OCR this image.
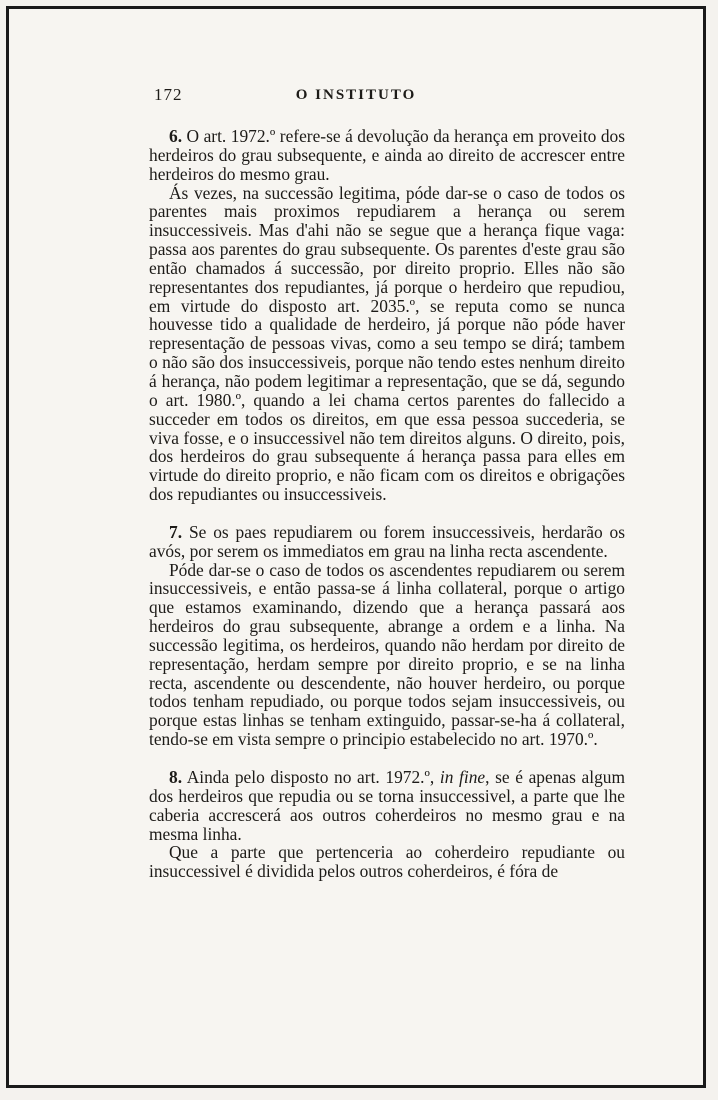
172	O INSTITUTO

6. O art. 1972.º refere-se á devolução da herança em proveito dos herdeiros do grau subsequente, e ainda ao direito de accrescer entre herdeiros do mesmo grau.

Ás vezes, na successão legitima, póde dar-se o caso de todos os parentes mais proximos repudiarem a herança ou serem insuccessiveis. Mas d'ahi não se segue que a herança fique vaga: passa aos parentes do grau subsequente. Os parentes d'este grau são então chamados á successão, por direito proprio. Elles não são representantes dos repudiantes, já porque o herdeiro que repudiou, em virtude do disposto art. 2035.º, se reputa como se nunca houvesse tido a qualidade de herdeiro, já porque não póde haver representação de pessoas vivas, como a seu tempo se dirá; tambem o não são dos insuccessiveis, porque não tendo estes nenhum direito á herança, não podem legitimar a representação, que se dá, segundo o art. 1980.º, quando a lei chama certos parentes do fallecido a succeder em todos os direitos, em que essa pessoa succederia, se viva fosse, e o insuccessivel não tem direitos alguns. O direito, pois, dos herdeiros do grau subsequente á herança passa para elles em virtude do direito proprio, e não ficam com os direitos e obrigações dos repudiantes ou insuccessiveis.

7. Se os paes repudiarem ou forem insuccessiveis, herdarão os avós, por serem os immediatos em grau na linha recta ascendente.

Póde dar-se o caso de todos os ascendentes repudiarem ou serem insuccessiveis, e então passa-se á linha collateral, porque o artigo que estamos examinando, dizendo que a herança passará aos herdeiros do grau subsequente, abrange a ordem e a linha. Na successão legitima, os herdeiros, quando não herdam por direito de representação, herdam sempre por direito proprio, e se na linha recta, ascendente ou descendente, não houver herdeiro, ou porque todos tenham repudiado, ou porque todos sejam insuccessiveis, ou porque estas linhas se tenham extinguido, passar-se-ha á collateral, tendo-se em vista sempre o principio estabelecido no art. 1970.º.

8. Ainda pelo disposto no art. 1972.º, in fine, se é apenas algum dos herdeiros que repudia ou se torna insuccessivel, a parte que lhe caberia accrescerá aos outros coherdeiros no mesmo grau e na mesma linha.

Que a parte que pertenceria ao coherdeiro repudiante ou insuccessivel é dividida pelos outros coherdeiros, é fóra de
